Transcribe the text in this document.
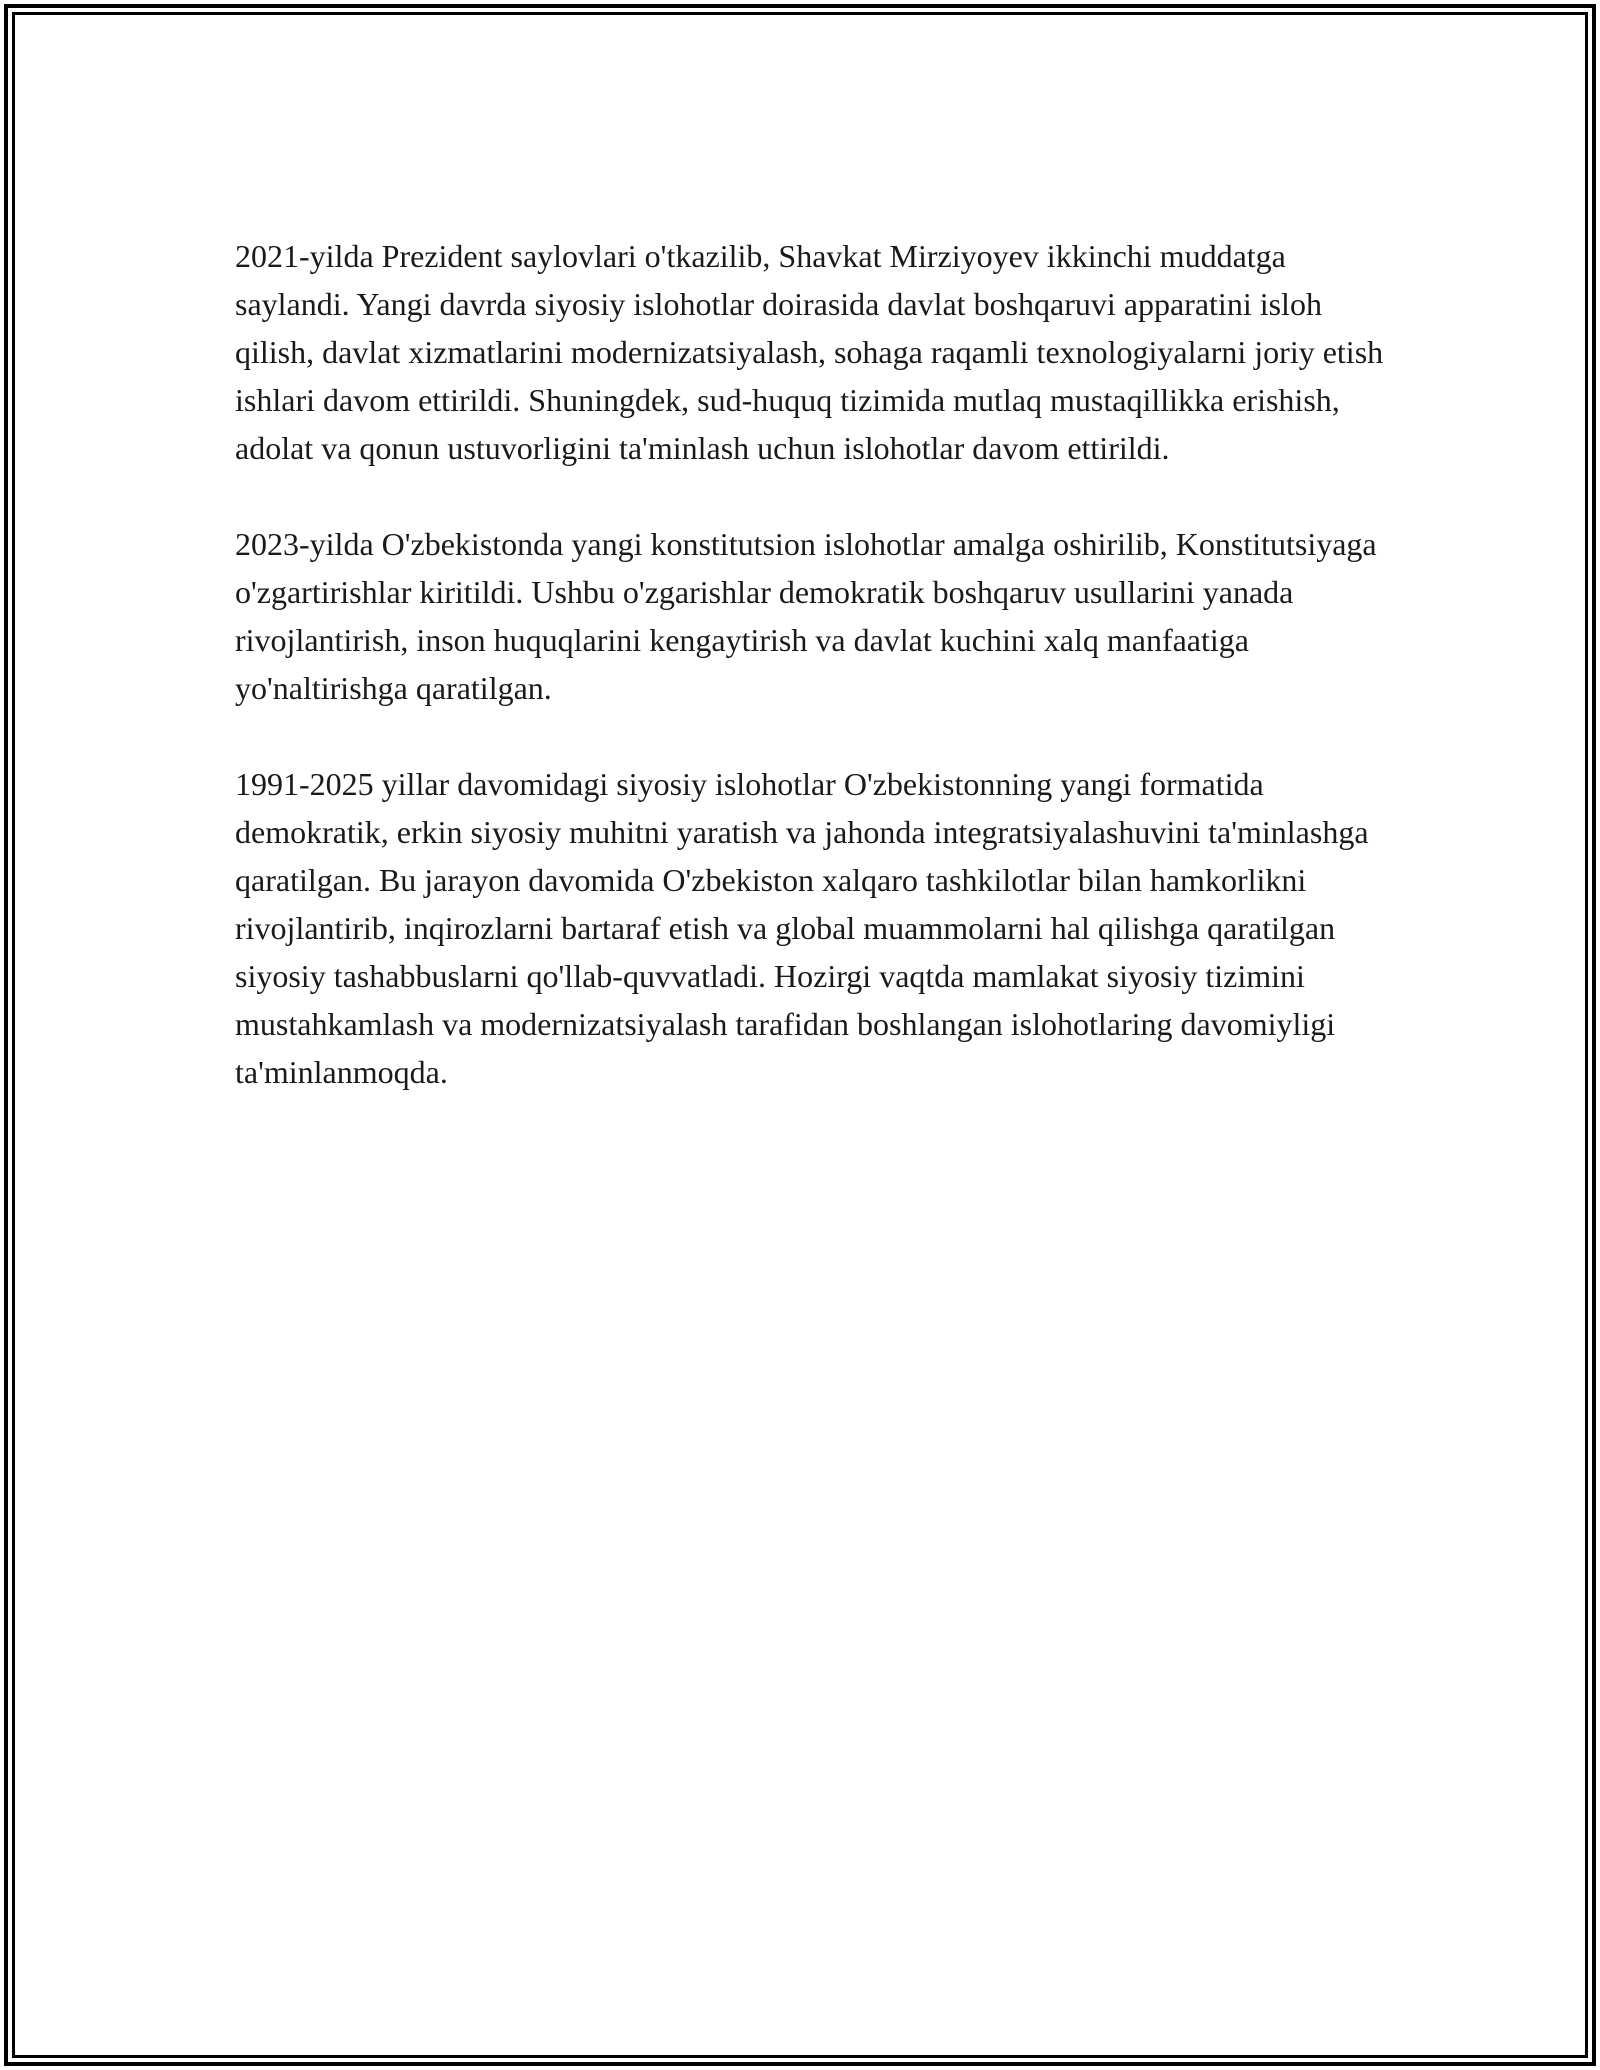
2021-yilda Prezident saylovlari o'tkazilib, Shavkat Mirziyoyev ikkinchi muddatga saylandi. Yangi davrda siyosiy islohotlar doirasida davlat boshqaruvi apparatini isloh qilish, davlat xizmatlarini modernizatsiyalash, sohaga raqamli texnologiyalarni joriy etish ishlari davom ettirildi. Shuningdek, sud-huquq tizimida mutlaq mustaqillikka erishish, adolat va qonun ustuvorligini ta'minlash uchun islohotlar davom ettirildi.

2023-yilda O'zbekistonda yangi konstitutsion islohotlar amalga oshirilib, Konstitutsiyaga o'zgartirishlar kiritildi. Ushbu o'zgarishlar demokratik boshqaruv usullarini yanada rivojlantirish, inson huquqlarini kengaytirish va davlat kuchini xalq manfaatiga yo'naltirishga qaratilgan.

1991-2025 yillar davomidagi siyosiy islohotlar O'zbekistonning yangi formatida demokratik, erkin siyosiy muhitni yaratish va jahonda integratsiyalashuvini ta'minlashga qaratilgan. Bu jarayon davomida O'zbekiston xalqaro tashkilotlar bilan hamkorlikni rivojlantirib, inqirozlarni bartaraf etish va global muammolarni hal qilishga qaratilgan siyosiy tashabbuslarni qo'llab-quvvatladi. Hozirgi vaqtda mamlakat siyosiy tizimini mustahkamlash va modernizatsiyalash tarafidan boshlangan islohotlaring davomiyligi ta'minlanmoqda.
